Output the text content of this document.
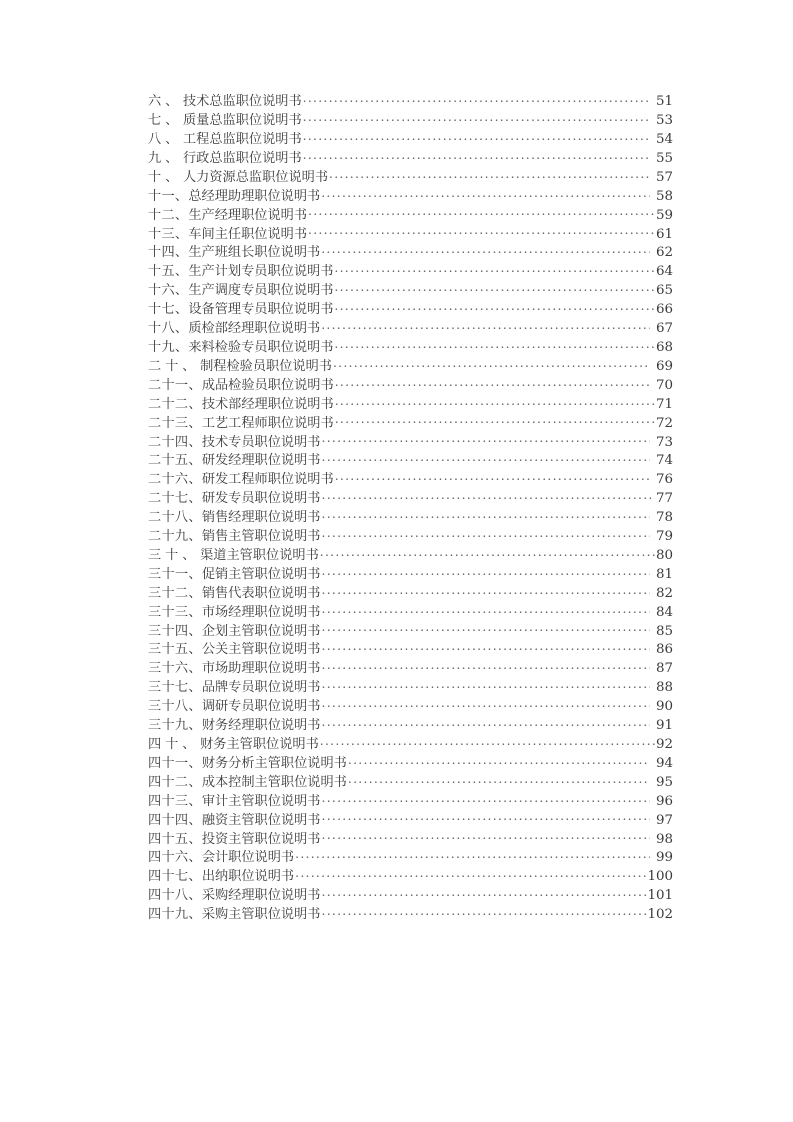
六、 技术总监职位说明书 .....	51
七、 质量总监职位说明书 .....	53
八、 工程总监职位说明书 .....	54
九、 行政总监职位说明书 .....	55
十、 人力资源总监职位说明书 .....	57
十一、 总经理助理职位说明书 .....	58
十二、 生产经理职位说明书 .....	59
十三、 车间主任职位说明书 .....	61
十四、 生产班组长职位说明书 .....	62
十五、 生产计划专员职位说明书 .....	64
十六、 生产调度专员职位说明书 .....	65
十七、 设备管理专员职位说明书 .....	66
十八、 质检部经理职位说明书 .....	67
十九、 来料检验专员职位说明书 .....	68
二十、 制程检验员职位说明书 .....	69
二十一、 成品检验员职位说明书 .....	70
二十二、 技术部经理职位说明书 .....	71
二十三、 工艺工程师职位说明书 .....	72
二十四、 技术专员职位说明书 .....	73
二十五、 研发经理职位说明书 .....	74
二十六、 研发工程师职位说明书 .....	76
二十七、 研发专员职位说明书 .....	77
二十八、 销售经理职位说明书 .....	78
二十九、 销售主管职位说明书 .....	79
三十、 渠道主管职位说明书 .....	80
三十一、 促销主管职位说明书 .....	81
三十二、 销售代表职位说明书 .....	82
三十三、 市场经理职位说明书 .....	84
三十四、 企划主管职位说明书 .....	85
三十五、 公关主管职位说明书 .....	86
三十六、 市场助理职位说明书 .....	87
三十七、 品牌专员职位说明书 .....	88
三十八、 调研专员职位说明书 .....	90
三十九、 财务经理职位说明书 .....	91
四十、 财务主管职位说明书 .....	92
四十一、 财务分析主管职位说明书 .....	94
四十二、 成本控制主管职位说明书 .....	95
四十三、 审计主管职位说明书 .....	96
四十四、 融资主管职位说明书 .....	97
四十五、 投资主管职位说明书 .....	98
四十六、 会计职位说明书 .....	99
四十七、 出纳职位说明书 .....	100
四十八、 采购经理职位说明书 .....	101
四十九、 采购主管职位说明书 .....	102
